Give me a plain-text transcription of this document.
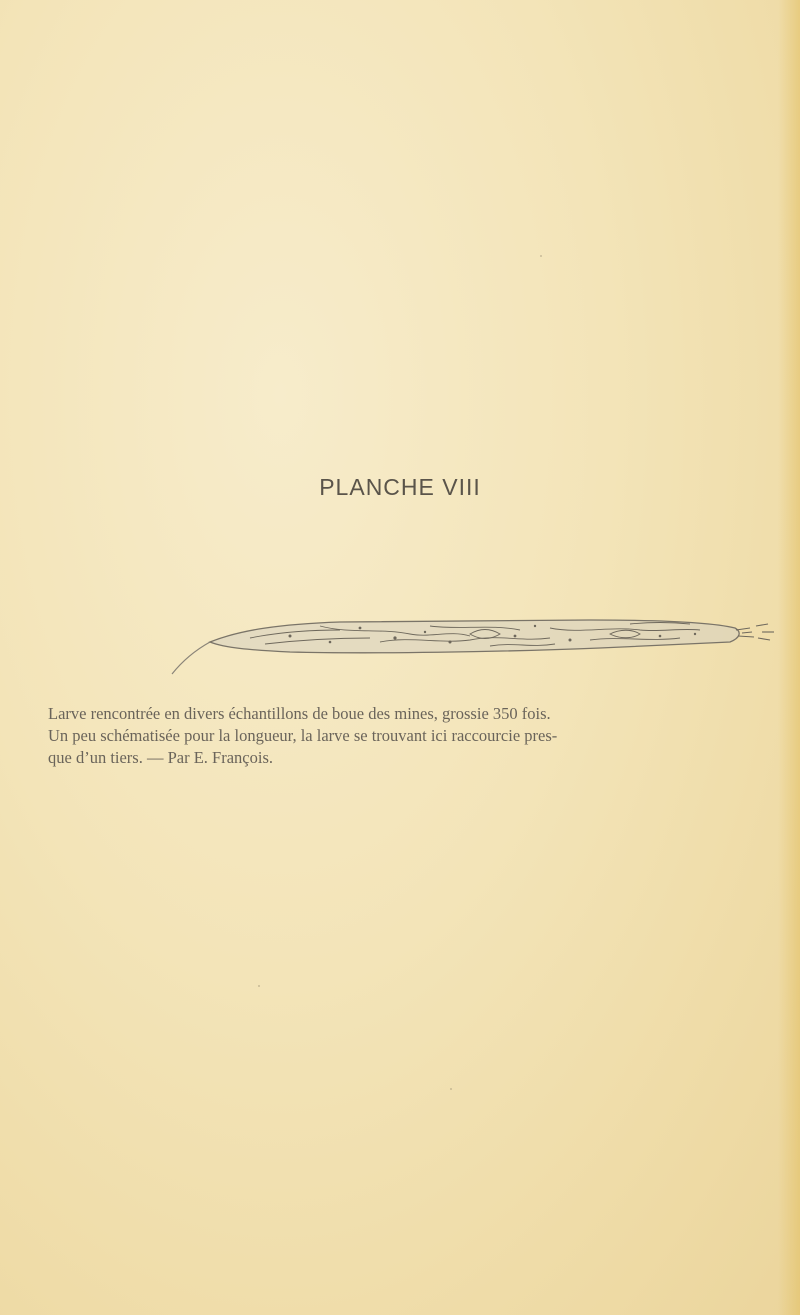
PLANCHE VIII

Larve rencontrée en divers échantillons de boue des mines, grossie 350 fois.

Un peu schématisée pour la longueur, la larve se trouvant ici raccourcie pres-

que d’un tiers. — Par E. François.
